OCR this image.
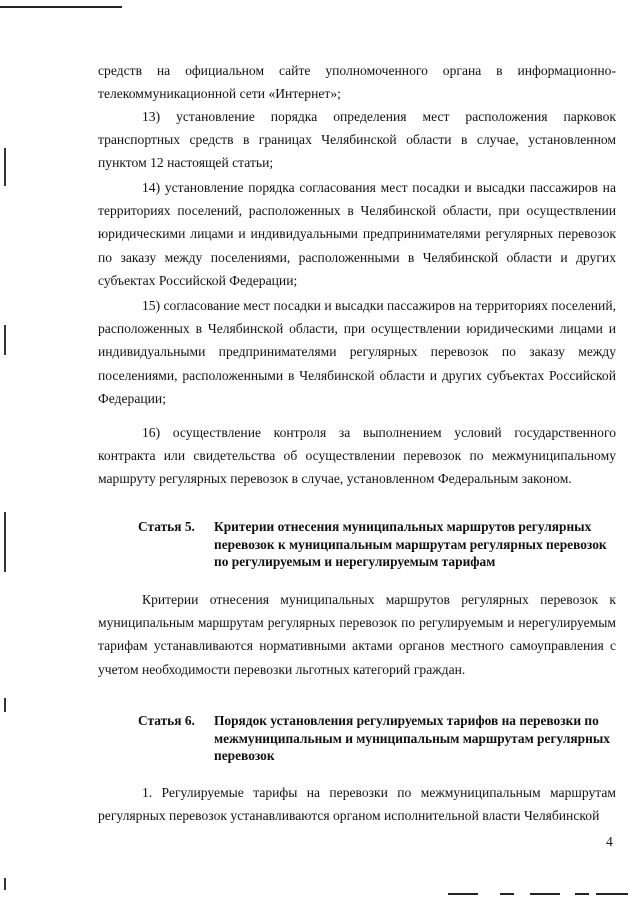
средств на официальном сайте уполномоченного органа в информационно-телекоммуникационной сети «Интернет»;
13) установление порядка определения мест расположения парковок транспортных средств в границах Челябинской области в случае, установленном пунктом 12 настоящей статьи;
14) установление порядка согласования мест посадки и высадки пассажиров на территориях поселений, расположенных в Челябинской области, при осуществлении юридическими лицами и индивидуальными предпринимателями регулярных перевозок по заказу между поселениями, расположенными в Челябинской области и других субъектах Российской Федерации;
15) согласование мест посадки и высадки пассажиров на территориях поселений, расположенных в Челябинской области, при осуществлении юридическими лицами и индивидуальными предпринимателями регулярных перевозок по заказу между поселениями, расположенными в Челябинской области и других субъектах Российской Федерации;
16) осуществление контроля за выполнением условий государственного контракта или свидетельства об осуществлении перевозок по межмуниципальному маршруту регулярных перевозок в случае, установленном Федеральным законом.
Статья 5. Критерии отнесения муниципальных маршрутов регулярных перевозок к муниципальным маршрутам регулярных перевозок по регулируемым и нерегулируемым тарифам
Критерии отнесения муниципальных маршрутов регулярных перевозок к муниципальным маршрутам регулярных перевозок по регулируемым и нерегулируемым тарифам устанавливаются нормативными актами органов местного самоуправления с учетом необходимости перевозки льготных категорий граждан.
Статья 6. Порядок установления регулируемых тарифов на перевозки по межмуниципальным и муниципальным маршрутам регулярных перевозок
1. Регулируемые тарифы на перевозки по межмуниципальным маршрутам регулярных перевозок устанавливаются органом исполнительной власти Челябинской
4
